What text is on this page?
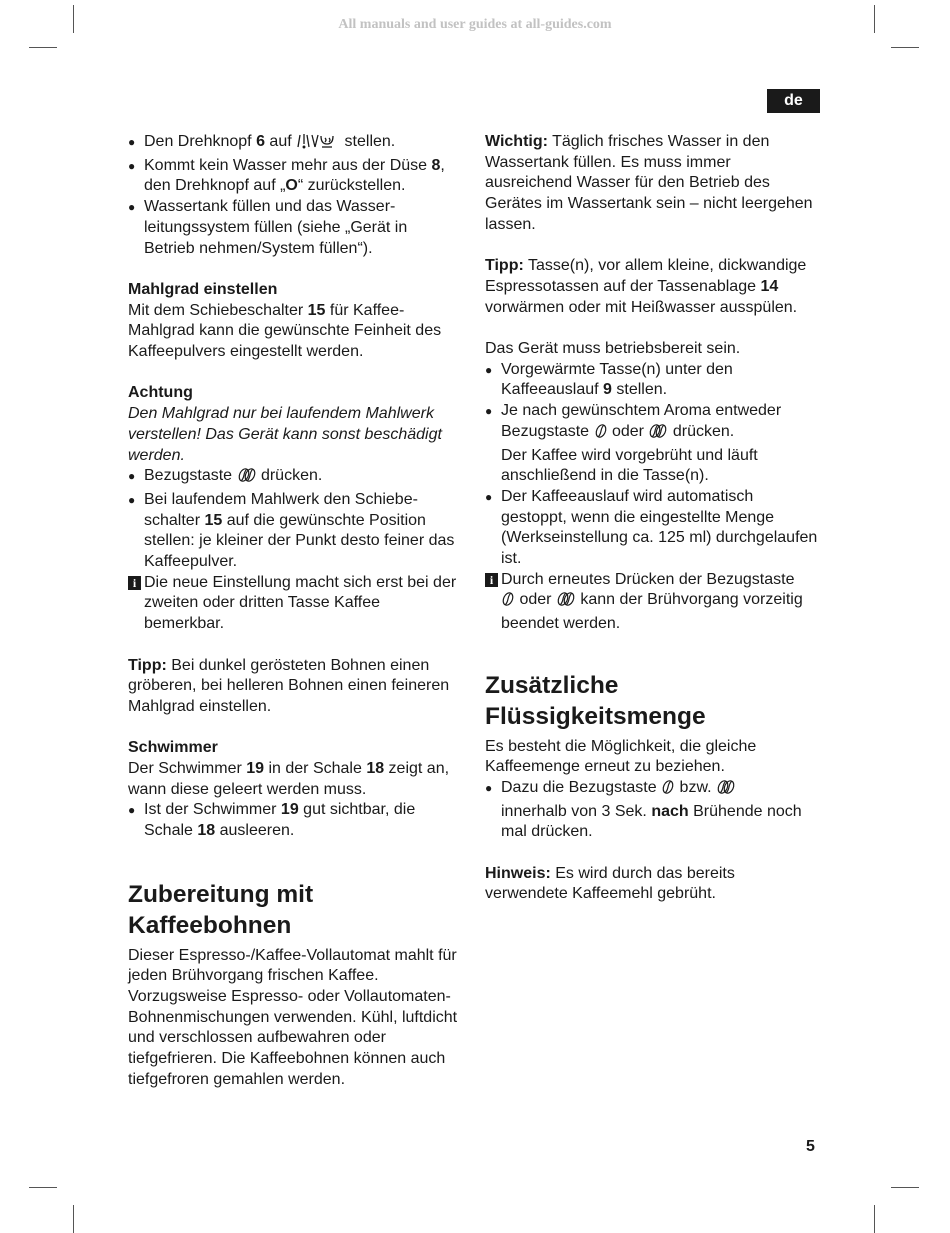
All manuals and user guides at all-guides.com
de

● Den Drehknopf 6 auf	stellen.

● Kommt kein Wasser mehr aus der Düse 8, den Drehknopf auf „O“ zurückstellen.

● Wassertank füllen und das Wasserleitungssystem füllen (siehe „Gerät in Betrieb nehmen/System füllen“).

Mahlgrad einstellen

Mit dem Schiebeschalter 15 für Kaffee-Mahlgrad kann die gewünschte Feinheit des Kaffeepulvers eingestellt werden.

Achtung

Den Mahlgrad nur bei laufendem Mahlwerk verstellen! Das Gerät kann sonst beschädigt werden.

● Bezugstaste  drücken.

● Bei laufendem Mahlwerk den Schiebeschalter 15 auf die gewünschte Position stellen: je kleiner der Punkt desto feiner das Kaffeepulver.

i Die neue Einstellung macht sich erst bei der zweiten oder dritten Tasse Kaffee bemerkbar.

Tipp: Bei dunkel gerösteten Bohnen einen gröberen, bei helleren Bohnen einen feineren Mahlgrad einstellen.

Schwimmer

Der Schwimmer 19 in der Schale 18 zeigt an, wann diese geleert werden muss.

● Ist der Schwimmer 19 gut sichtbar, die Schale 18 ausleeren.

Zubereitung mit Kaffeebohnen

Dieser Espresso-/Kaffee-Vollautomat mahlt für jeden Brühvorgang frischen Kaffee. Vorzugsweise Espresso- oder Vollautomaten-Bohnenmischungen verwenden. Kühl, luftdicht und verschlossen aufbewahren oder tiefgefrieren. Die Kaffeebohnen können auch tiefgefroren gemahlen werden.

Wichtig: Täglich frisches Wasser in den Wassertank füllen. Es muss immer ausreichend Wasser für den Betrieb des Gerätes im Wassertank sein – nicht leergehen lassen.

Tipp: Tasse(n), vor allem kleine, dickwandige Espressotassen auf der Tassenablage 14 vorwärmen oder mit Heißwasser ausspülen.

Das Gerät muss betriebsbereit sein.

● Vorgewärmte Tasse(n) unter den Kaffeeauslauf 9 stellen.

● Je nach gewünschtem Aroma entweder Bezugstaste  oder  drücken.
Der Kaffee wird vorgebrüht und läuft anschließend in die Tasse(n).

● Der Kaffeeauslauf wird automatisch gestoppt, wenn die eingestellte Menge (Werkseinstellung ca. 125 ml) durchgelaufen ist.

i Durch erneutes Drücken der Bezugstaste
oder  kann der Brühvorgang vorzeitig beendet werden.

Zusätzliche Flüssigkeitsmenge

Es besteht die Möglichkeit, die gleiche Kaffeemenge erneut zu beziehen.

● Dazu die Bezugstaste  bzw.
innerhalb von 3 Sek. nach Brühende noch mal drücken.

Hinweis: Es wird durch das bereits verwendete Kaffeemehl gebrüht.

5
